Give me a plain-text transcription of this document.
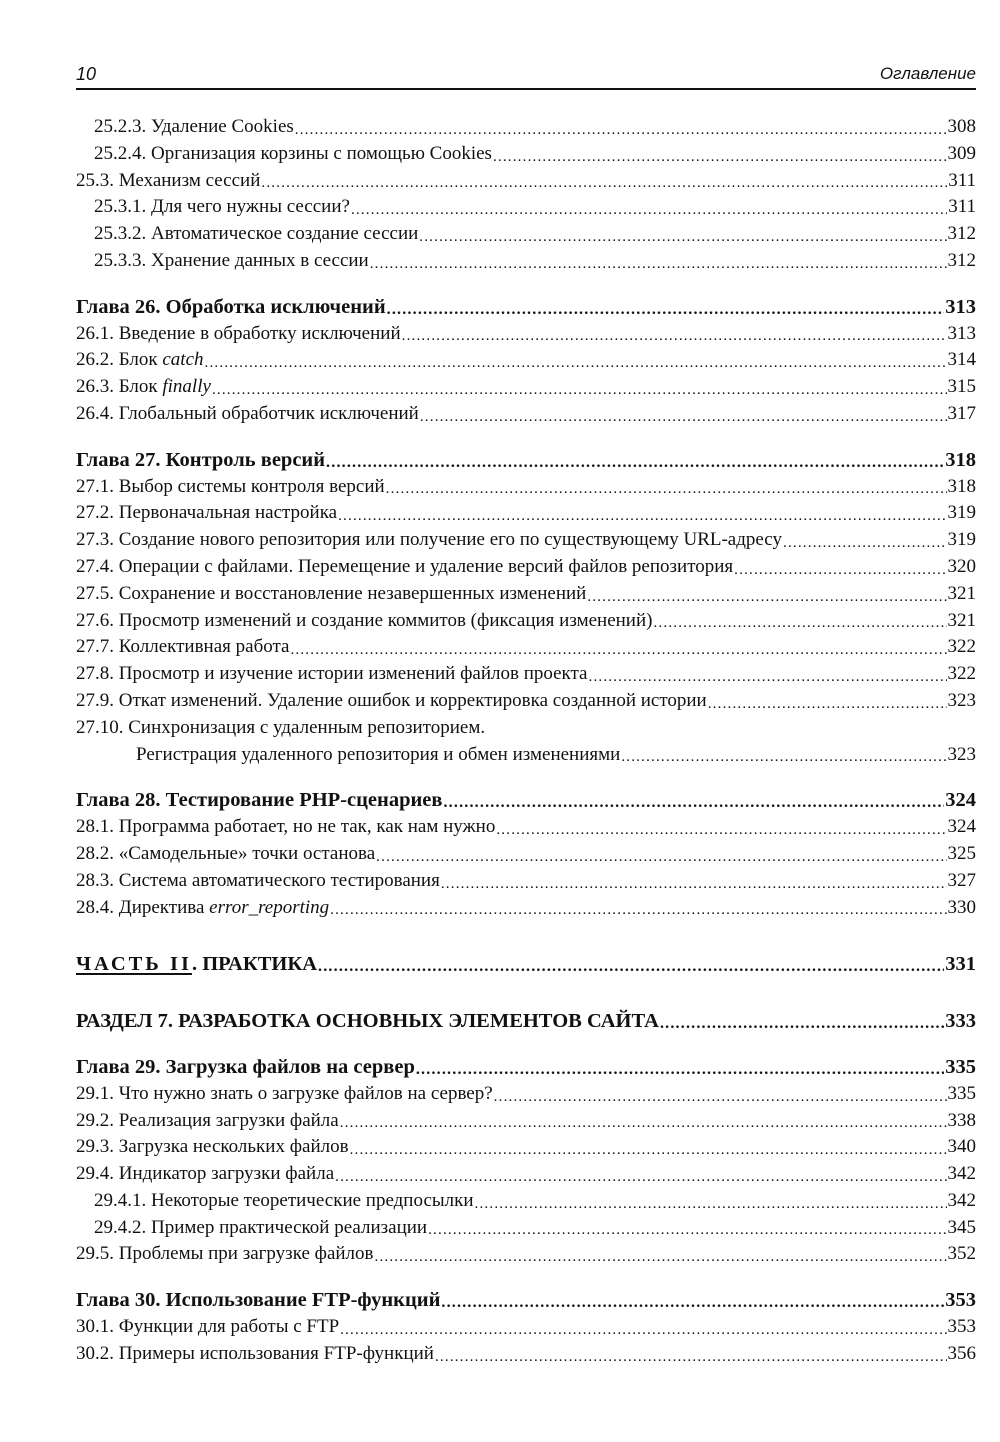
10	Оглавление
25.2.3. Удаление Cookies .....	308
25.2.4. Организация корзины с помощью Cookies .....	309
25.3. Механизм сессий .....	311
25.3.1. Для чего нужны сессии? .....	311
25.3.2. Автоматическое создание сессии .....	312
25.3.3. Хранение данных в сессии .....	312
Глава 26. Обработка исключений .....	313
26.1. Введение в обработку исключений .....	313
26.2. Блок catch .....	314
26.3. Блок finally .....	315
26.4. Глобальный обработчик исключений .....	317
Глава 27. Контроль версий .....	318
27.1. Выбор системы контроля версий .....	318
27.2. Первоначальная настройка .....	319
27.3. Создание нового репозитория или получение его по существующему URL-адресу .....	319
27.4. Операции с файлами. Перемещение и удаление версий файлов репозитория .....	320
27.5. Сохранение и восстановление незавершенных изменений .....	321
27.6. Просмотр изменений и создание коммитов (фиксация изменений) .....	321
27.7. Коллективная работа .....	322
27.8. Просмотр и изучение истории изменений файлов проекта .....	322
27.9. Откат изменений. Удаление ошибок и корректировка созданной истории .....	323
27.10. Синхронизация с удаленным репозиторием.
Регистрация удаленного репозитория и обмен изменениями .....	323
Глава 28. Тестирование PHP-сценариев .....	324
28.1. Программа работает, но не так, как нам нужно .....	324
28.2. «Самодельные» точки останова .....	325
28.3. Система автоматического тестирования .....	327
28.4. Директива error_reporting .....	330
ЧАСТЬ II. ПРАКТИКА .....	331
РАЗДЕЛ 7. РАЗРАБОТКА ОСНОВНЫХ ЭЛЕМЕНТОВ САЙТА .....	333
Глава 29. Загрузка файлов на сервер .....	335
29.1. Что нужно знать о загрузке файлов на сервер? .....	335
29.2. Реализация загрузки файла .....	338
29.3. Загрузка нескольких файлов .....	340
29.4. Индикатор загрузки файла .....	342
29.4.1. Некоторые теоретические предпосылки .....	342
29.4.2. Пример практической реализации .....	345
29.5. Проблемы при загрузке файлов .....	352
Глава 30. Использование FTP-функций .....	353
30.1. Функции для работы с FTP .....	353
30.2. Примеры использования FTP-функций .....	356
